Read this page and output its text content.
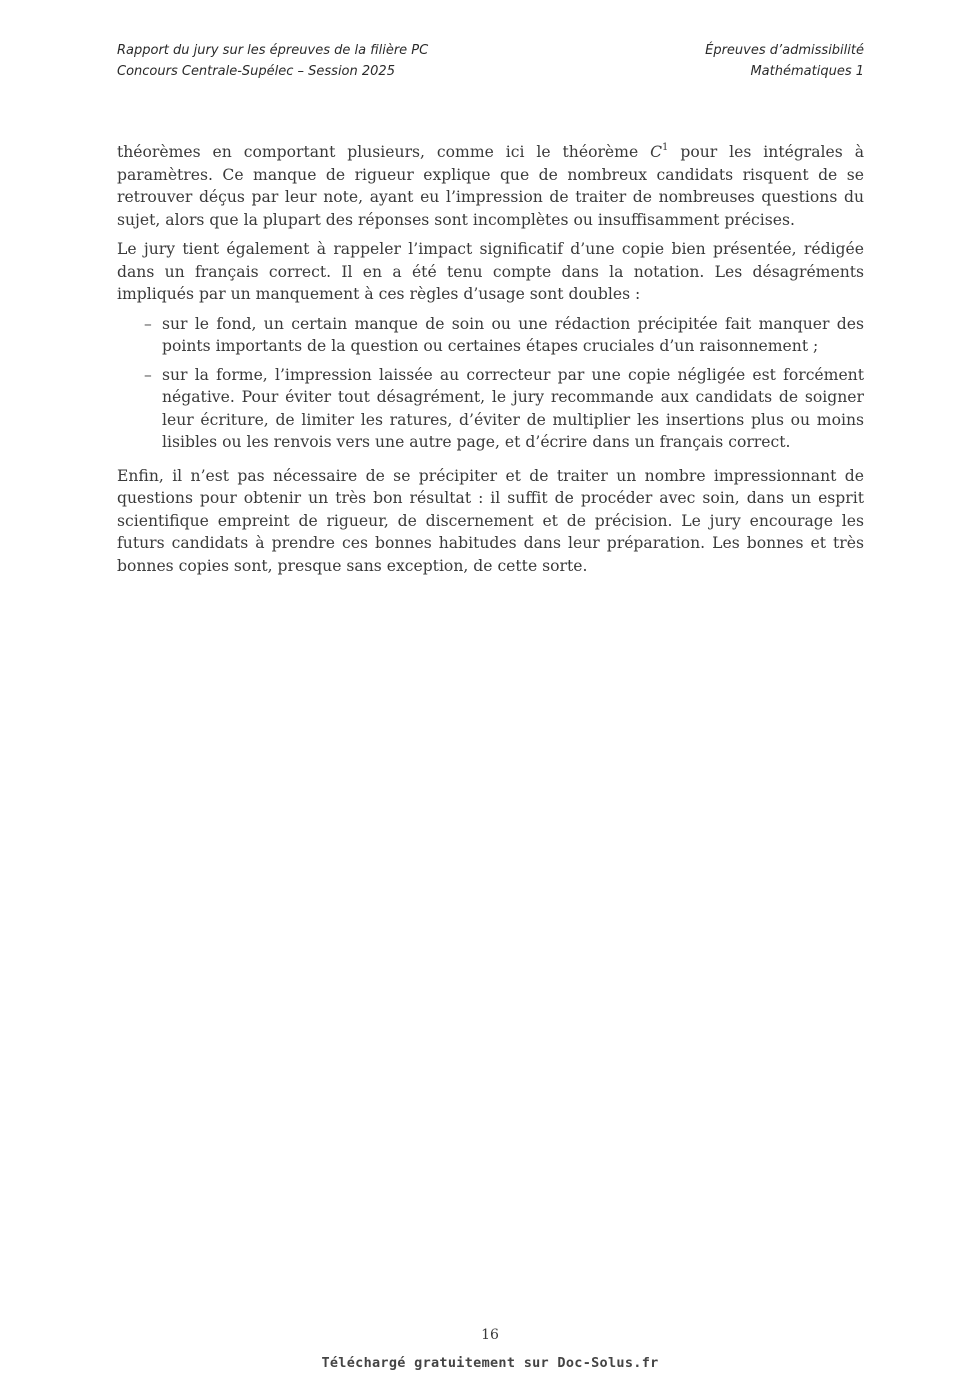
Rapport du jury sur les épreuves de la filière PC	Épreuves d’admissibilité
Concours Centrale-Supélec – Session 2025	Mathématiques 1

théorèmes en comportant plusieurs, comme ici le théorème $C^1$ pour les intégrales à paramètres. Ce manque de rigueur explique que de nombreux candidats risquent de se retrouver déçus par leur note, ayant eu l’impression de traiter de nombreuses questions du sujet, alors que la plupart des réponses sont incomplètes ou insuffisamment précises.

Le jury tient également à rappeler l’impact significatif d’une copie bien présentée, rédigée dans un français correct. Il en a été tenu compte dans la notation. Les désagréments impliqués par un manquement à ces règles d’usage sont doubles :

– sur le fond, un certain manque de soin ou une rédaction précipitée fait manquer des points importants de la question ou certaines étapes cruciales d’un raisonnement ;
– sur la forme, l’impression laissée au correcteur par une copie négligée est forcément négative. Pour éviter tout désagrément, le jury recommande aux candidats de soigner leur écriture, de limiter les ratures, d’éviter de multiplier les insertions plus ou moins lisibles ou les renvois vers une autre page, et d’écrire dans un français correct.

Enfin, il n’est pas nécessaire de se précipiter et de traiter un nombre impressionnant de questions pour obtenir un très bon résultat : il suffit de procéder avec soin, dans un esprit scientifique empreint de rigueur, de discernement et de précision. Le jury encourage les futurs candidats à prendre ces bonnes habitudes dans leur préparation. Les bonnes et très bonnes copies sont, presque sans exception, de cette sorte.

16
Téléchargé gratuitement sur Doc-Solus.fr
